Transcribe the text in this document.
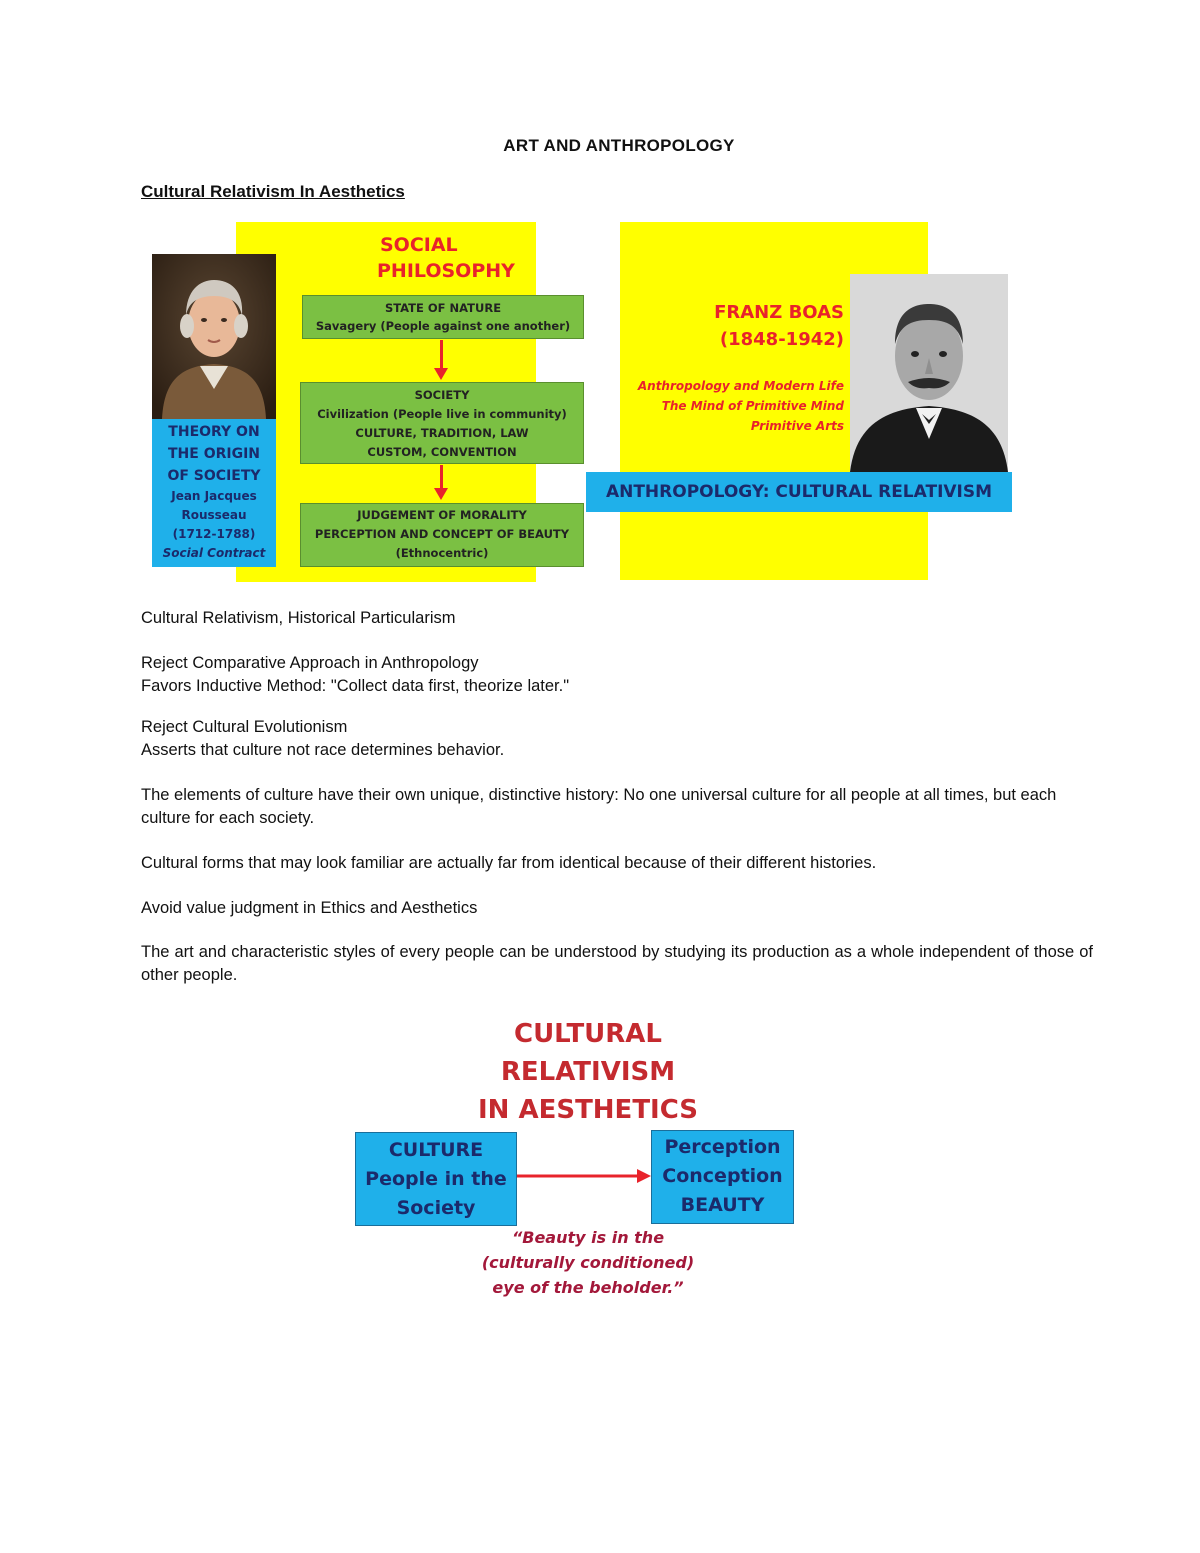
ART AND ANTHROPOLOGY
Cultural Relativism In Aesthetics
THEORY ON
THE ORIGIN
OF SOCIETY
Jean Jacques
Rousseau
(1712-1788)
Social Contract
SOCIAL
PHILOSOPHY
STATE OF NATURE
Savagery (People against one another)
SOCIETY
Civilization (People live in community)
CULTURE, TRADITION, LAW
CUSTOM, CONVENTION
JUDGEMENT OF MORALITY
PERCEPTION AND CONCEPT OF BEAUTY
(Ethnocentric)
FRANZ BOAS
(1848-1942)
Anthropology and Modern Life
The Mind of Primitive Mind
Primitive Arts
ANTHROPOLOGY: CULTURAL RELATIVISM
Cultural Relativism, Historical Particularism
Reject Comparative Approach in Anthropology
Favors Inductive Method: "Collect data first, theorize later."
Reject Cultural Evolutionism
Asserts that culture not race determines behavior.
The elements of culture have their own unique, distinctive history: No one universal culture for all people at all times, but each culture for each society.
Cultural forms that may look familiar are actually far from identical because of their different histories.
Avoid value judgment in Ethics and Aesthetics
The art and characteristic styles of every people can be understood by studying its production as a whole independent of those of other people.
CULTURAL
RELATIVISM
IN AESTHETICS
CULTURE
People in the
Society
Perception
Conception
BEAUTY
“Beauty is in the
(culturally conditioned)
eye of the beholder.”
